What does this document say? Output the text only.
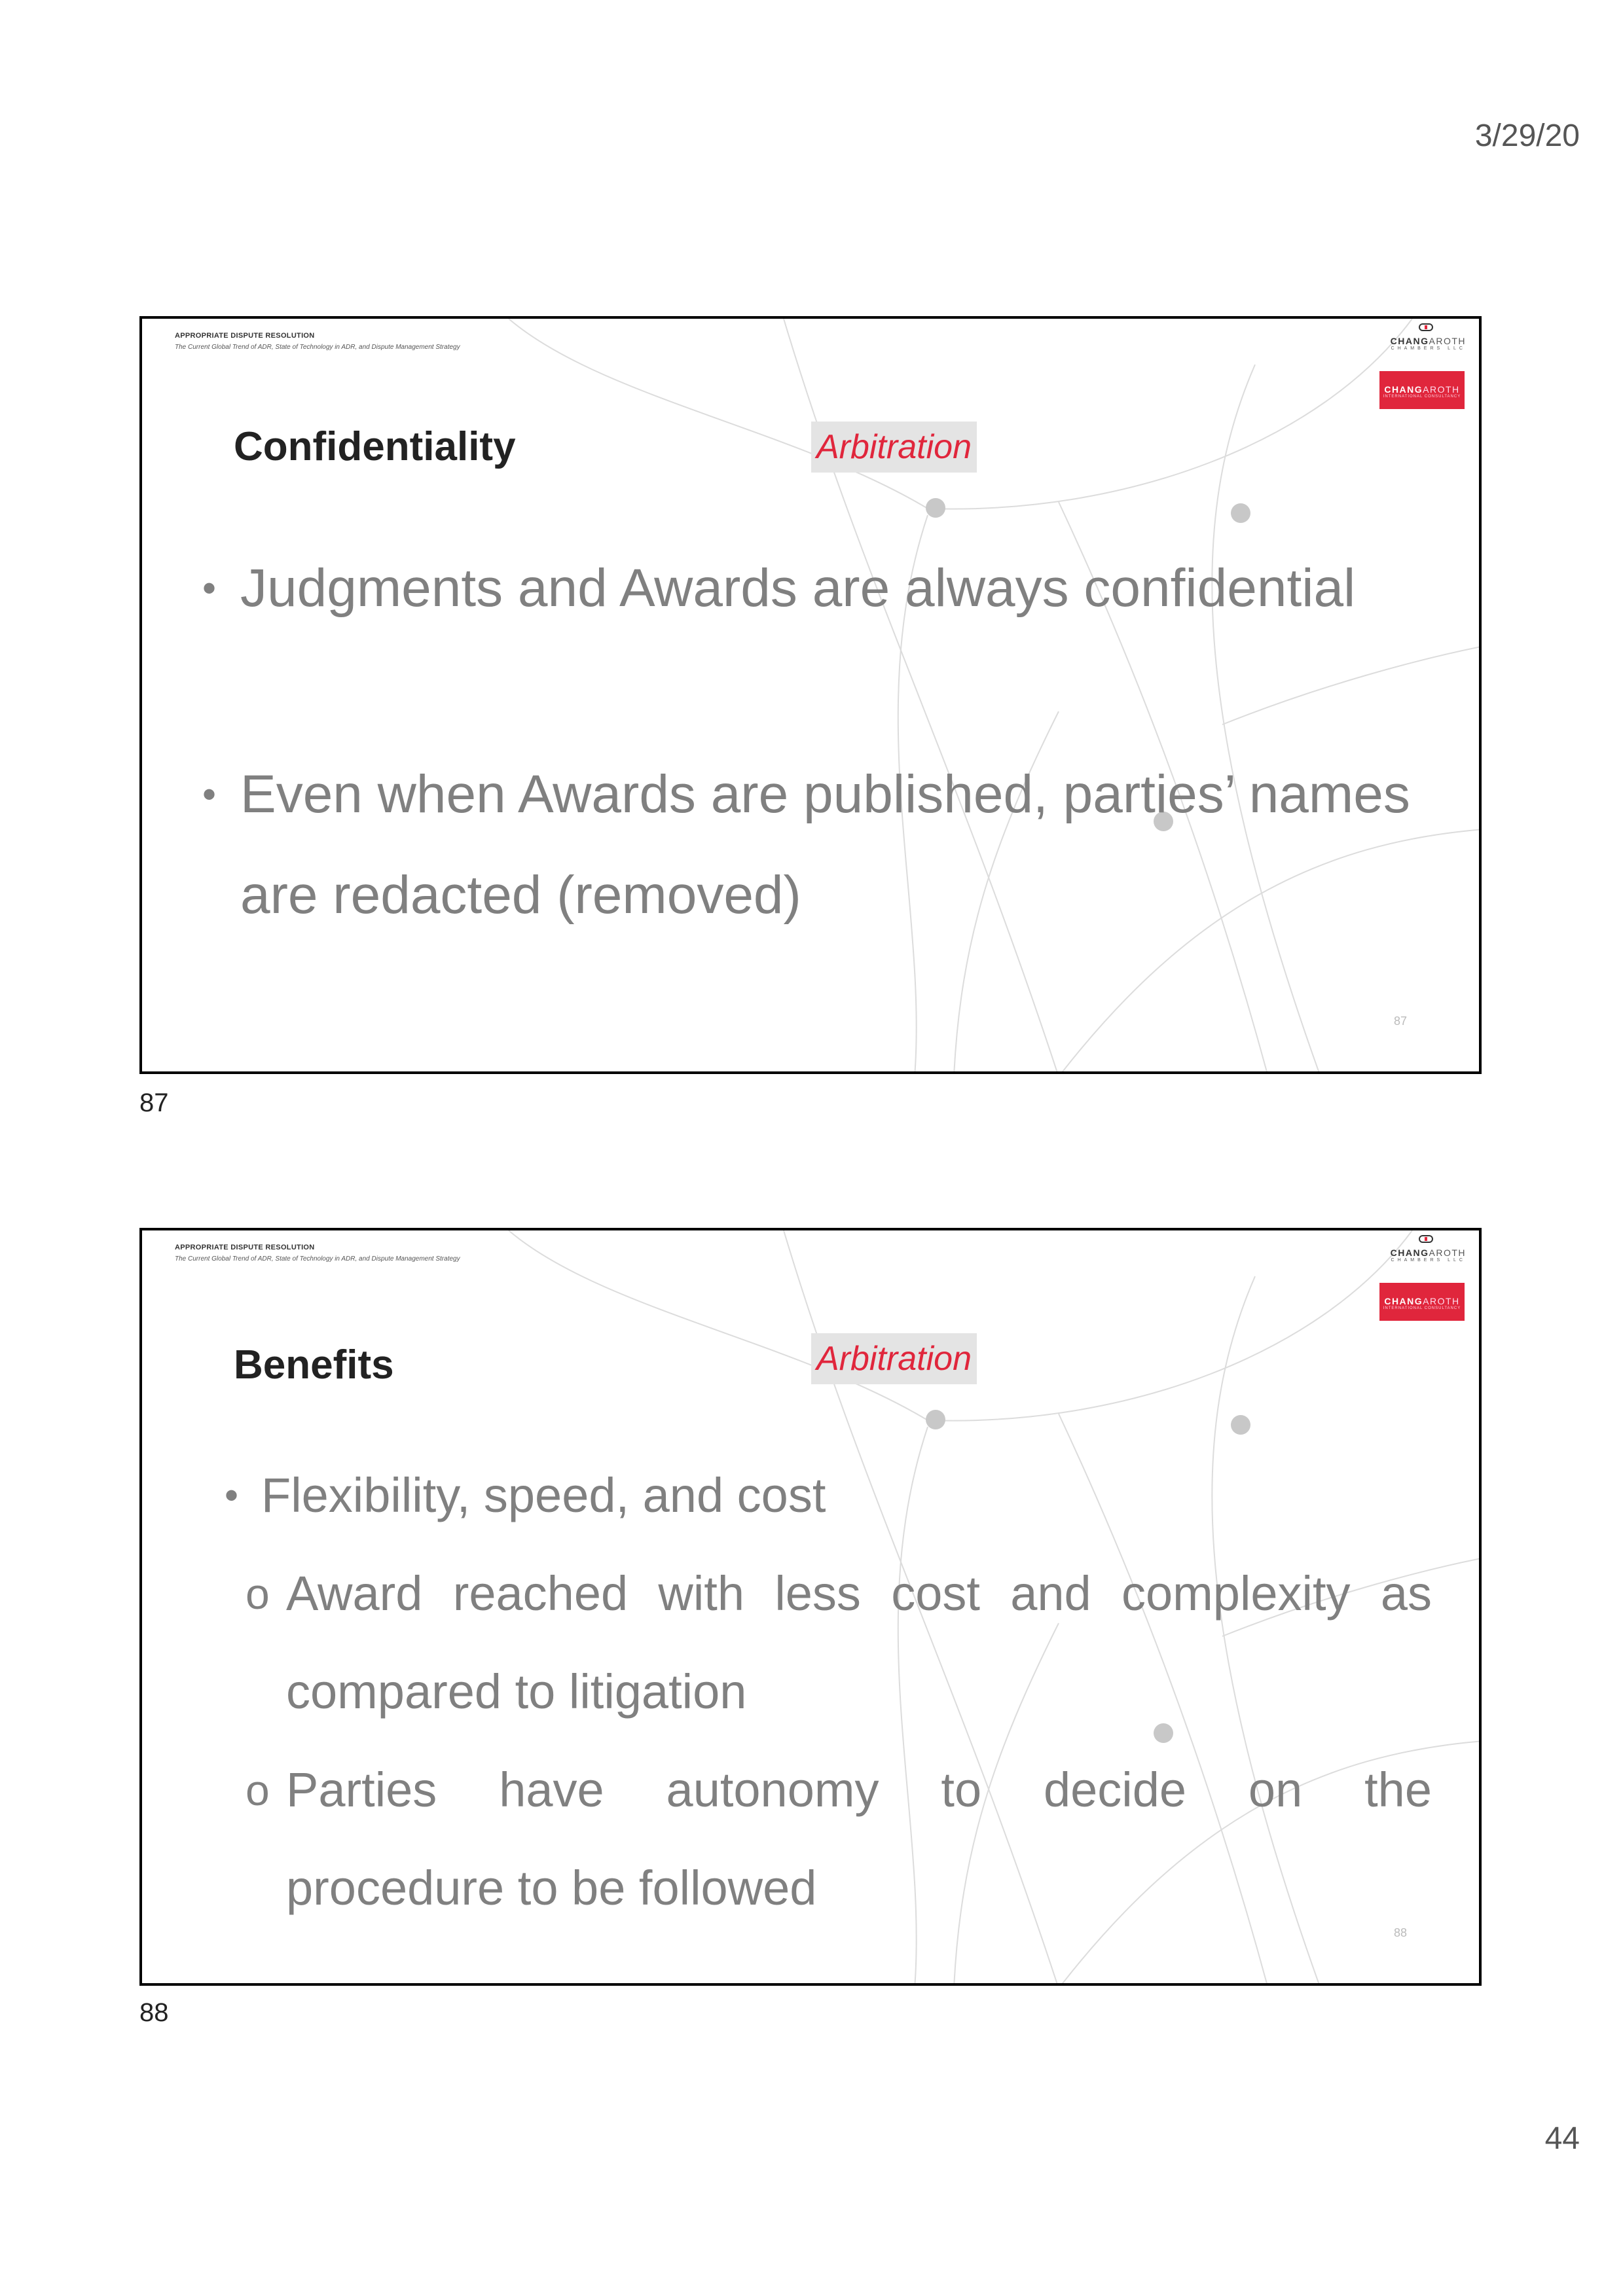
3/29/20
APPROPRIATE DISPUTE RESOLUTION
The Current Global Trend of ADR, State of Technology in ADR, and Dispute Management Strategy
CHANGAROTH
CHAMBERS LLC
CHANGAROTH
INTERNATIONAL CONSULTANCY
Confidentiality	Arbitration
• Judgments and Awards are always confidential
• Even when Awards are published, parties’ names
are redacted (removed)
87
87
APPROPRIATE DISPUTE RESOLUTION
The Current Global Trend of ADR, State of Technology in ADR, and Dispute Management Strategy
CHANGAROTH
CHAMBERS LLC
CHANGAROTH
INTERNATIONAL CONSULTANCY
Benefits	Arbitration
• Flexibility, speed, and cost
o Award reached with less cost and complexity as
compared to litigation
o Parties have autonomy to decide on the
procedure to be followed
88
88
44
